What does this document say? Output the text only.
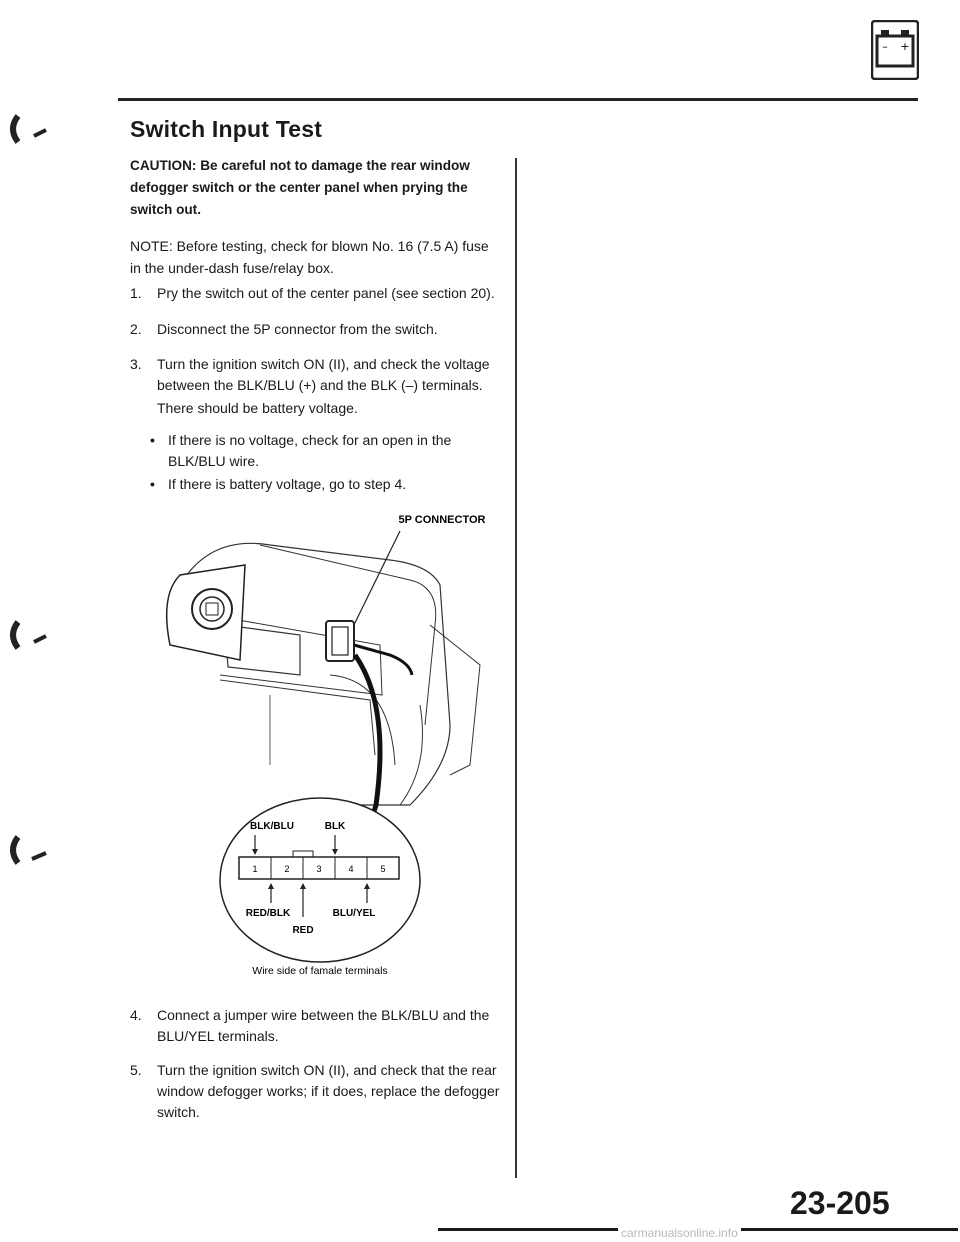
– +
Switch Input Test
CAUTION: Be careful not to damage the rear window defogger switch or the center panel when prying the switch out.
NOTE: Before testing, check for blown No. 16 (7.5 A) fuse in the under-dash fuse/relay box.
1.	Pry the switch out of the center panel (see section 20).
2.	Disconnect the 5P connector from the switch.
3.	Turn the ignition switch ON (II), and check the voltage between the BLK/BLU (+) and the BLK (–) terminals.
There should be battery voltage.
• If there is no voltage, check for an open in the BLK/BLU wire.
• If there is battery voltage, go to step 4.
5P CONNECTOR
BLK/BLU	BLK
1	2	3	4	5
RED/BLK	BLU/YEL
RED
Wire side of famale terminals
4.	Connect a jumper wire between the BLK/BLU and the BLU/YEL terminals.
5.	Turn the ignition switch ON (II), and check that the rear window defogger works; if it does, replace the defogger switch.
23-205
carmanualsonline.info
